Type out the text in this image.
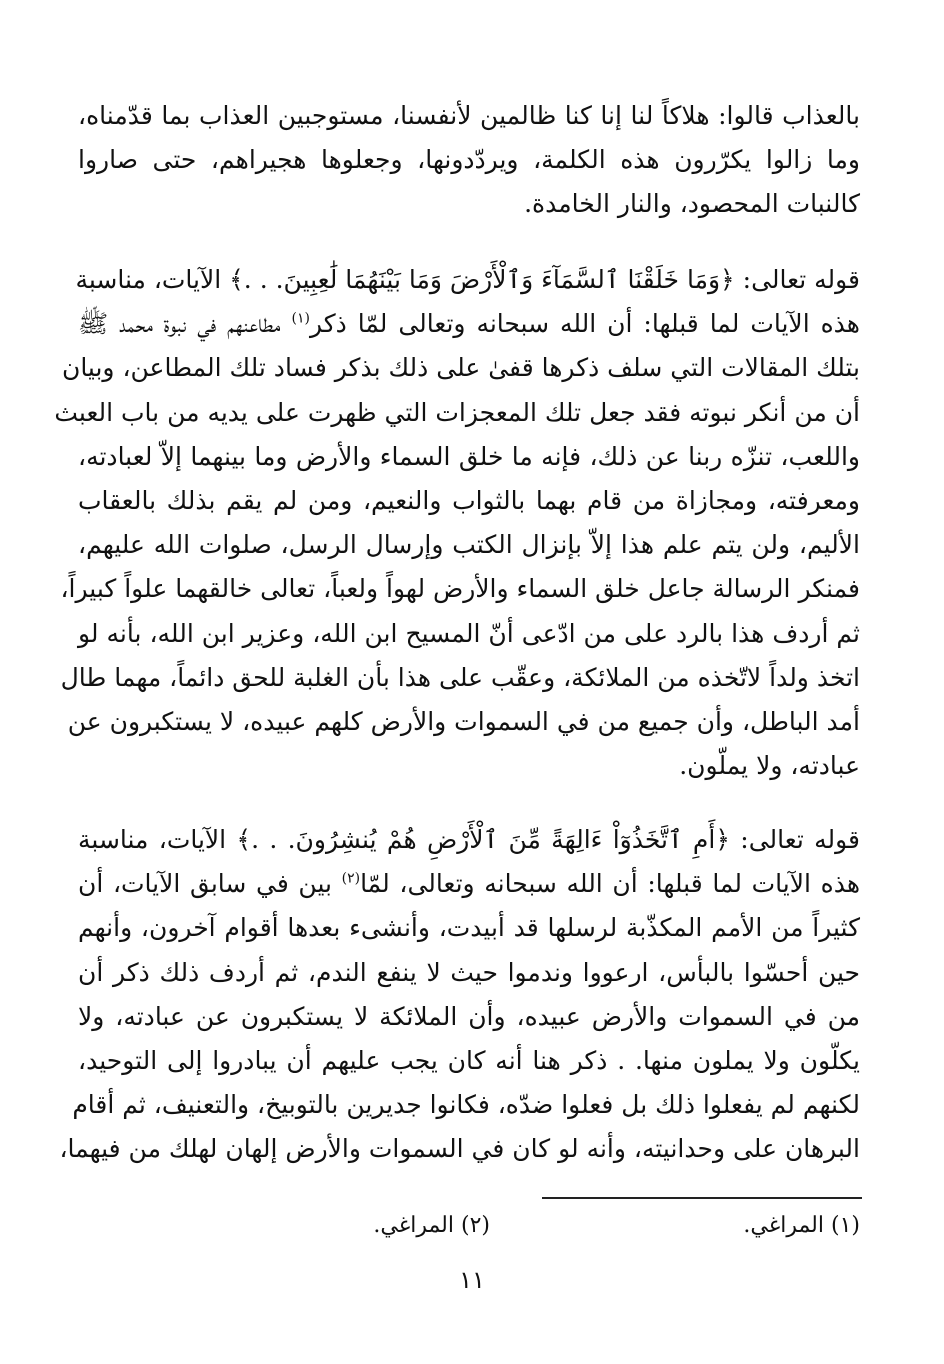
بالعذاب قالوا: هلاكاً لنا إنا كنا ظالمين لأنفسنا، مستوجبين العذاب بما قدّمناه،
وما زالوا يكرّرون هذه الكلمة، ويردّدونها، وجعلوها هجيراهم، حتى صاروا
كالنبات المحصود، والنار الخامدة.
قوله تعالى: ﴿وَمَا خَلَقْنَا ٱلسَّمَآءَ وَٱلْأَرْضَ وَمَا بَيْنَهُمَا لَٰعِبِينَ. . .﴾ الآيات، مناسبة
هذه الآيات لما قبلها: أن الله سبحانه وتعالى لمّا ذكر$^{(١)}$ مطاعنهم في نبوة محمد ﷺ
بتلك المقالات التي سلف ذكرها قفىٰ على ذلك بذكر فساد تلك المطاعن، وبيان
أن من أنكر نبوته فقد جعل تلك المعجزات التي ظهرت على يديه من باب العبث
واللعب، تنزّه ربنا عن ذلك، فإنه ما خلق السماء والأرض وما بينهما إلاّ لعبادته،
ومعرفته، ومجازاة من قام بهما بالثواب والنعيم، ومن لم يقم بذلك بالعقاب
الأليم، ولن يتم علم هذا إلاّ بإنزال الكتب وإرسال الرسل، صلوات الله عليهم،
فمنكر الرسالة جاعل خلق السماء والأرض لهواً ولعباً، تعالى خالقهما علواً كبيراً،
ثم أردف هذا بالرد على من ادّعى أنّ المسيح ابن الله، وعزير ابن الله، بأنه لو
اتخذ ولداً لاتّخذه من الملائكة، وعقّب على هذا بأن الغلبة للحق دائماً، مهما طال
أمد الباطل، وأن جميع من في السموات والأرض كلهم عبيده، لا يستكبرون عن
عبادته، ولا يملّون.
قوله تعالى: ﴿أَمِ ٱتَّخَذُوٓاْ ءَالِهَةً مِّنَ ٱلْأَرْضِ هُمْ يُنشِرُونَ. . .﴾ الآيات، مناسبة
هذه الآيات لما قبلها: أن الله سبحانه وتعالى، لمّا$^{(٢)}$ بين في سابق الآيات، أن
كثيراً من الأمم المكذّبة لرسلها قد أبيدت، وأنشىء بعدها أقوام آخرون، وأنهم
حين أحسّوا بالبأس، ارعووا وندموا حيث لا ينفع الندم، ثم أردف ذلك ذكر أن
من في السموات والأرض عبيده، وأن الملائكة لا يستكبرون عن عبادته، ولا
يكلّون ولا يملون منها. . ذكر هنا أنه كان يجب عليهم أن يبادروا إلى التوحيد،
لكنهم لم يفعلوا ذلك بل فعلوا ضدّه، فكانوا جديرين بالتوبيخ، والتعنيف، ثم أقام
البرهان على وحدانيته، وأنه لو كان في السموات والأرض إلهان لهلك من فيهما،
(١) المراغي.
(٢) المراغي.
١١
